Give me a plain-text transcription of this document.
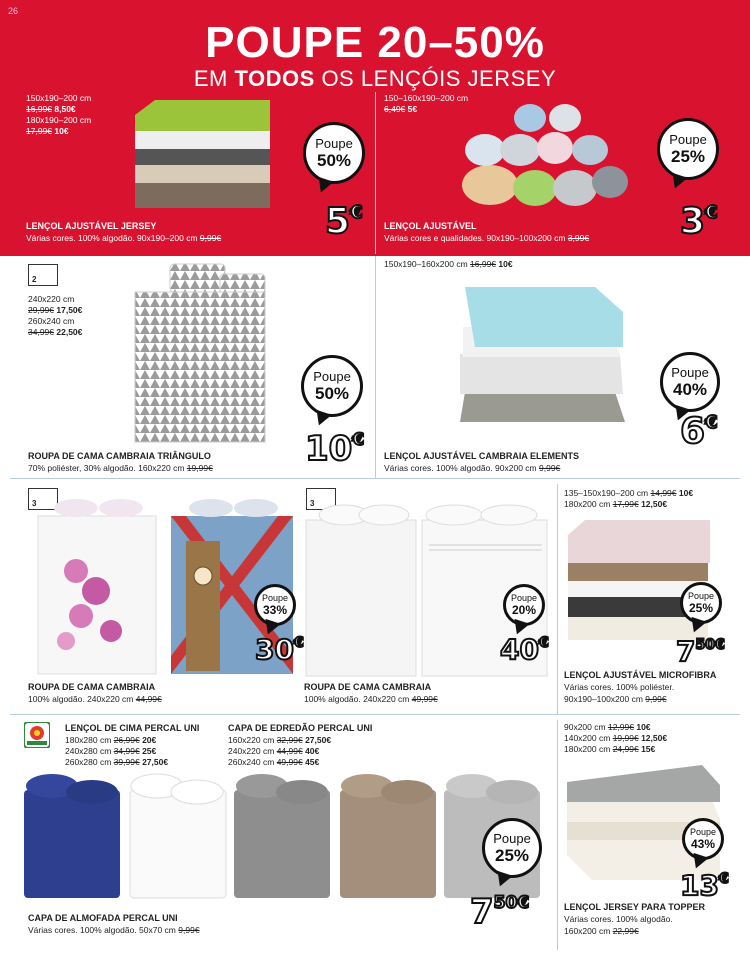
26
POUPE 20–50%
EM TODOS OS LENÇÓIS JERSEY
150x190–200 cm
16,99€ 8,50€
180x190–200 cm
17,99€ 10€
Poupe
50%
5€
LENÇOL AJUSTÁVEL JERSEY
Várias cores. 100% algodão. 90x190–200 cm 9,99€
150–160x190–200 cm
6,49€ 5€
Poupe
25%
3€
LENÇOL AJUSTÁVEL
Várias cores e qualidades. 90x190–100x200 cm 3,99€
2
240x220 cm
29,99€ 17,50€
260x240 cm
34,99€ 22,50€
Poupe
50%
10€
ROUPA DE CAMA CAMBRAIA TRIÂNGULO
70% poliéster, 30% algodão. 160x220 cm 19,99€
150x190–160x200 cm 16,99€ 10€
Poupe
40%
6€
LENÇOL AJUSTÁVEL CAMBRAIA ELEMENTS
Várias cores. 100% algodão. 90x200 cm 9,99€
3
Poupe
33%
30€
ROUPA DE CAMA CAMBRAIA
100% algodão. 240x220 cm 44,99€
3
Poupe
20%
40€
ROUPA DE CAMA CAMBRAIA
100% algodão. 240x220 cm 49,99€
135–150x190–200 cm 14,99€ 10€
180x200 cm 17,99€ 12,50€
Poupe
25%
$7^{50€}$
LENÇOL AJUSTÁVEL MICROFIBRA
Várias cores. 100% poliéster.
90x190–100x200 cm 9,99€
LENÇOL DE CIMA PERCAL UNI
180x280 cm 26,99€ 20€
240x280 cm 34,99€ 25€
260x280 cm 39,99€ 27,50€
CAPA DE EDREDÃO PERCAL UNI
160x220 cm 32,99€ 27,50€
240x220 cm 44,99€ 40€
260x240 cm 49,99€ 45€
Poupe
25%
$7^{50€}$
CAPA DE ALMOFADA PERCAL UNI
Várias cores. 100% algodão. 50x70 cm 9,99€
90x200 cm 12,99€ 10€
140x200 cm 19,99€ 12,50€
180x200 cm 24,99€ 15€
Poupe
43%
13€
LENÇOL JERSEY PARA TOPPER
Várias cores. 100% algodão.
160x200 cm 22,99€
